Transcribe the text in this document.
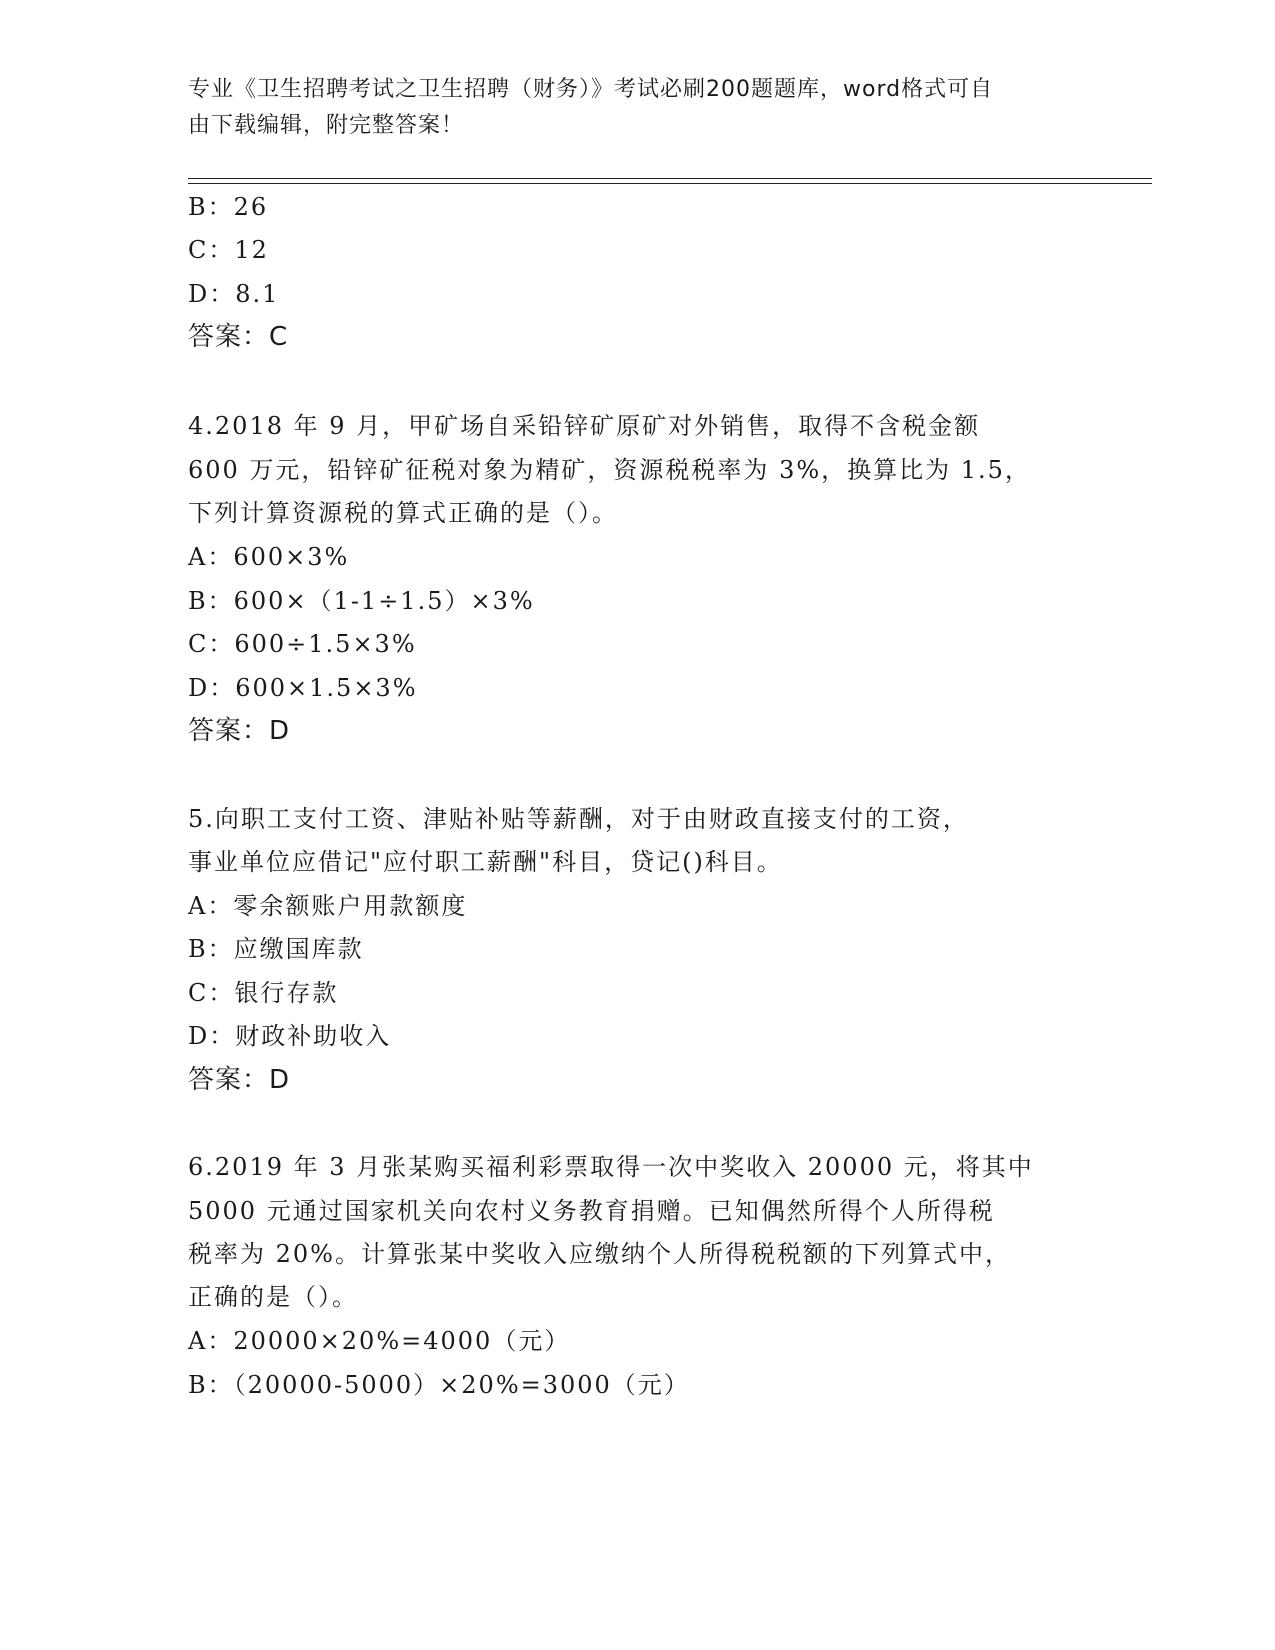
专业《卫生招聘考试之卫生招聘（财务）》考试必刷200题题库，word格式可自
由下载编辑，附完整答案！
B：26
C：12
D：8.1
答案：C
4.2018 年 9 月，甲矿场自采铅锌矿原矿对外销售，取得不含税金额
600 万元，铅锌矿征税对象为精矿，资源税税率为 3%，换算比为 1.5，
下列计算资源税的算式正确的是（）。
A：600×3%
B：600×（1-1÷1.5）×3%
C：600÷1.5×3%
D：600×1.5×3%
答案：D
5.向职工支付工资、津贴补贴等薪酬，对于由财政直接支付的工资，
事业单位应借记"应付职工薪酬"科目，贷记()科目。
A：零余额账户用款额度
B：应缴国库款
C：银行存款
D：财政补助收入
答案：D
6.2019 年 3 月张某购买福利彩票取得一次中奖收入 20000 元，将其中
5000 元通过国家机关向农村义务教育捐赠。已知偶然所得个人所得税
税率为 20%。计算张某中奖收入应缴纳个人所得税税额的下列算式中，
正确的是（）。
A：20000×20%=4000（元）
B：（20000-5000）×20%=3000（元）
